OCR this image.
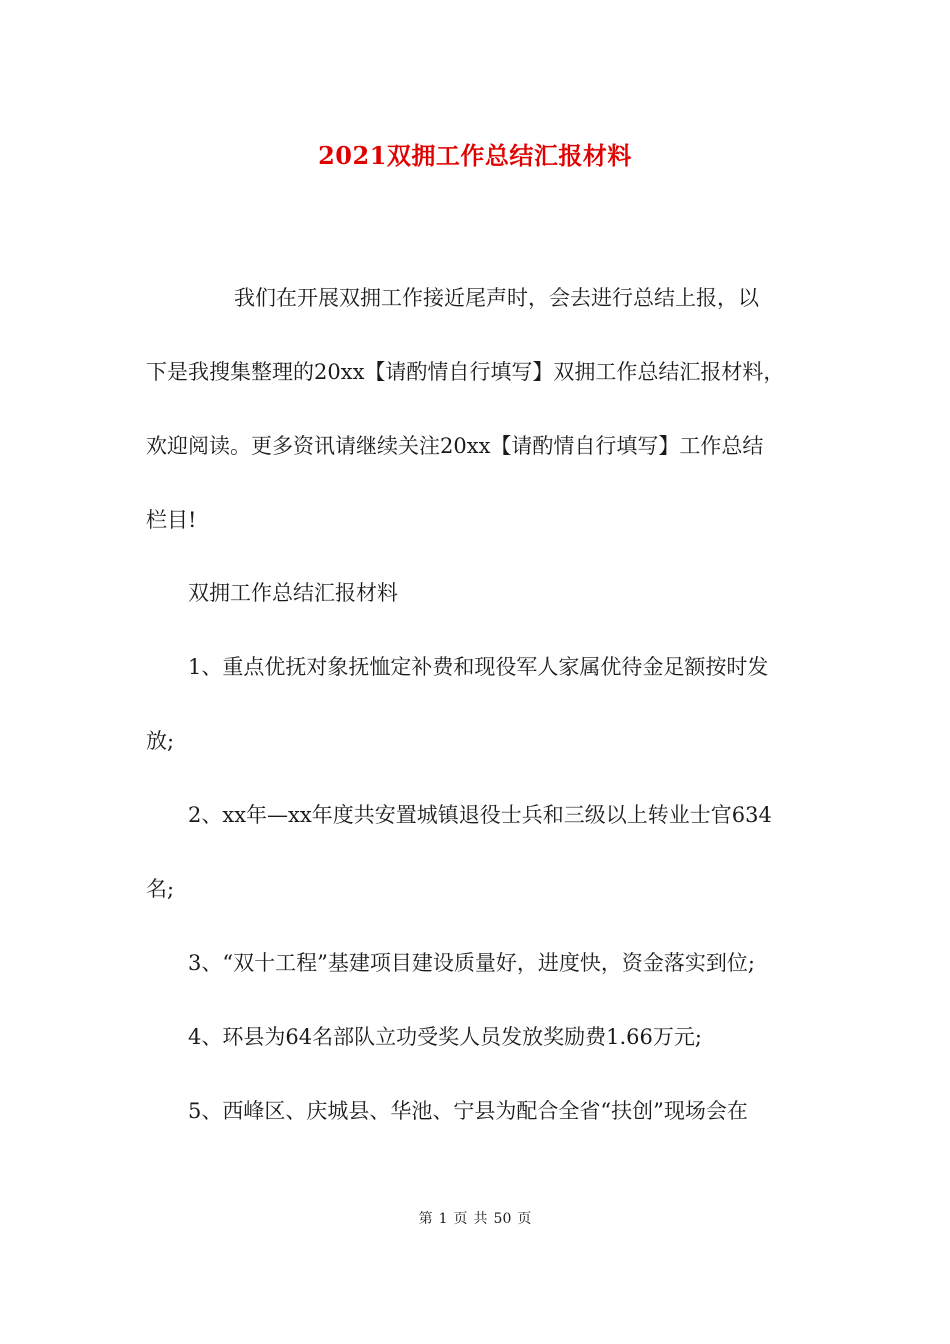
2021双拥工作总结汇报材料
我们在开展双拥工作接近尾声时，会去进行总结上报，以
下是我搜集整理的20xx【请酌情自行填写】双拥工作总结汇报材料，
欢迎阅读。更多资讯请继续关注20xx【请酌情自行填写】工作总结
栏目!
双拥工作总结汇报材料
1、重点优抚对象抚恤定补费和现役军人家属优待金足额按时发
放;
2、xx年—xx年度共安置城镇退役士兵和三级以上转业士官634
名;
3、“双十工程”基建项目建设质量好，进度快，资金落实到位;
4、环县为64名部队立功受奖人员发放奖励费1.66万元;
5、西峰区、庆城县、华池、宁县为配合全省“扶创”现场会在
第 1 页 共 50 页
